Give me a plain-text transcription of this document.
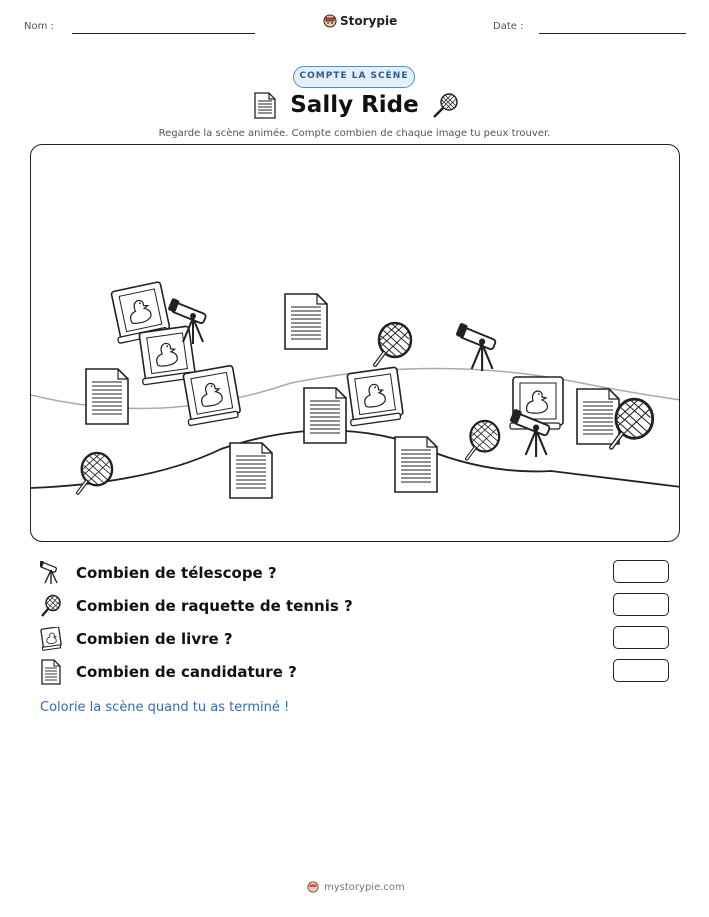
Nom :	Storypie	Date :
COMPTE LA SCÈNE
Sally Ride
Regarde la scène animée. Compte combien de chaque image tu peux trouver.
Combien de télescope ?
Combien de raquette de tennis ?
Combien de livre ?
Combien de candidature ?
Colorie la scène quand tu as terminé !
mystorypie.com
